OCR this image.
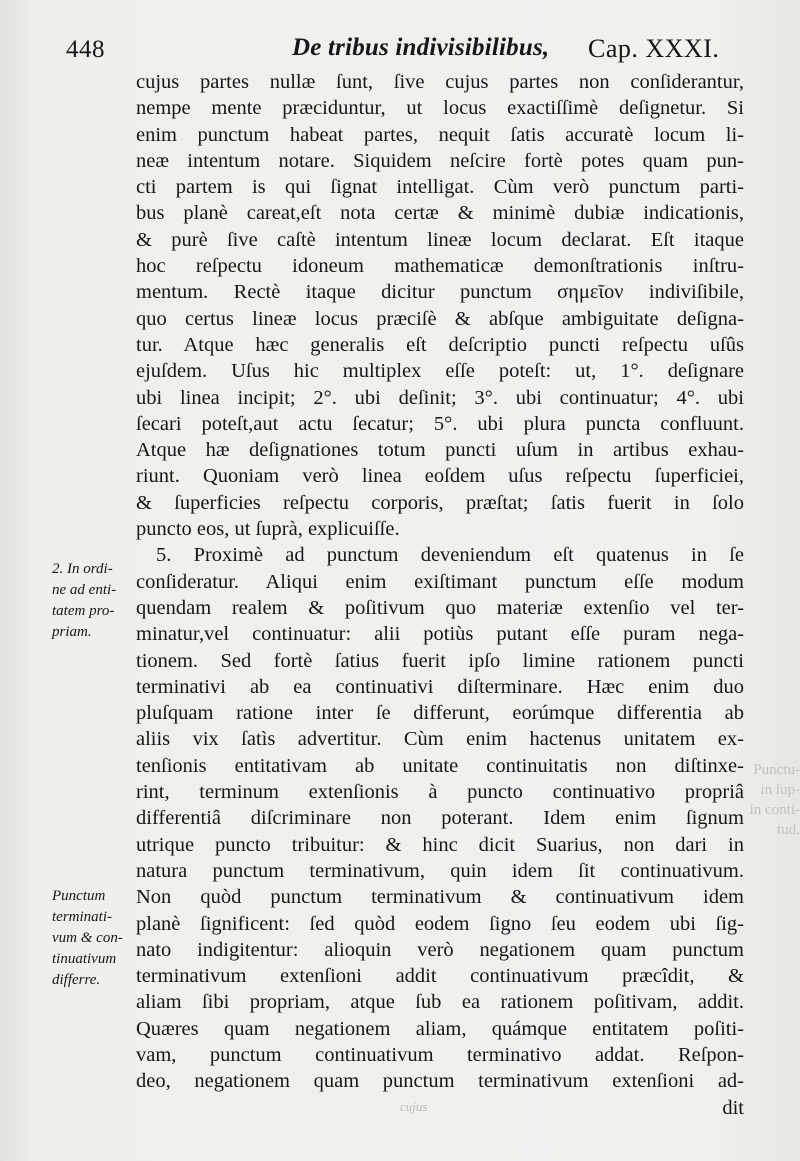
448	De tribus indivisibilibus, Cap. XXXI.
cujus partes nullæ ſunt, ſive cujus partes non conſiderantur,
nempe mente præciduntur, ut locus exactiſſimè deſignetur. Si
enim punctum habeat partes, nequit ſatis accuratè locum li-
neæ intentum notare. Siquidem neſcire fortè potes quam pun-
cti partem is qui ſignat intelligat. Cùm verò punctum parti-
bus planè careat,eſt nota certæ & minimè dubiæ indicationis,
& purè ſive caſtè intentum lineæ locum declarat. Eſt itaque
hoc reſpectu idoneum mathematicæ demonſtrationis inſtru-
mentum. Rectè itaque dicitur punctum σημεῖον indiviſibile,
quo certus lineæ locus præciſè & abſque ambiguitate deſigna-
tur. Atque hæc generalis eſt deſcriptio puncti reſpectu uſûs
ejuſdem. Uſus hic multiplex eſſe poteſt: ut, 1°. deſignare
ubi linea incipit; 2°. ubi deſinit; 3°. ubi continuatur; 4°. ubi
ſecari poteſt,aut actu ſecatur; 5°. ubi plura puncta confluunt.
Atque hæ deſignationes totum puncti uſum in artibus exhau-
riunt. Quoniam verò linea eoſdem uſus reſpectu ſuperficiei,
& ſuperficies reſpectu corporis, præſtat; ſatis fuerit in ſolo
puncto eos, ut ſuprà, explicuiſſe.
5. Proximè ad punctum deveniendum eſt quatenus in ſe
conſideratur. Aliqui enim exiſtimant punctum eſſe modum
quendam realem & poſitivum quo materiæ extenſio vel ter-
minatur,vel continuatur: alii potiùs putant eſſe puram nega-
tionem. Sed fortè ſatius fuerit ipſo limine rationem puncti
terminativi ab ea continuativi diſterminare. Hæc enim duo
pluſquam ratione inter ſe differunt, eorúmque differentia ab
aliis vix ſatìs advertitur. Cùm enim hactenus unitatem ex-
tenſionis entitativam ab unitate continuitatis non diſtinxe-
rint, terminum extenſionis à puncto continuativo propriâ
differentiâ diſcriminare non poterant. Idem enim ſignum
utrique puncto tribuitur: & hinc dicit Suarius, non dari in
natura punctum terminativum, quin idem ſit continuativum.
Non quòd punctum terminativum & continuativum idem
planè ſignificent: ſed quòd eodem ſigno ſeu eodem ubi ſig-
nato indigitentur: alioquin verò negationem quam punctum
terminativum extenſioni addit continuativum præcîdit, &
aliam ſibi propriam, atque ſub ea rationem poſitivam, addit.
Quæres quam negationem aliam, quámque entitatem poſiti-
vam, punctum continuativum terminativo addat. Reſpon-
deo, negationem quam punctum terminativum extenſioni ad-
dit
2. In ordi-
ne ad enti-
tatem pro-
priam.
Punctum
terminati-
vum & con-
tinuativum
differre.
cujus
Punctu-
in ſup-
in conti-
tud.
